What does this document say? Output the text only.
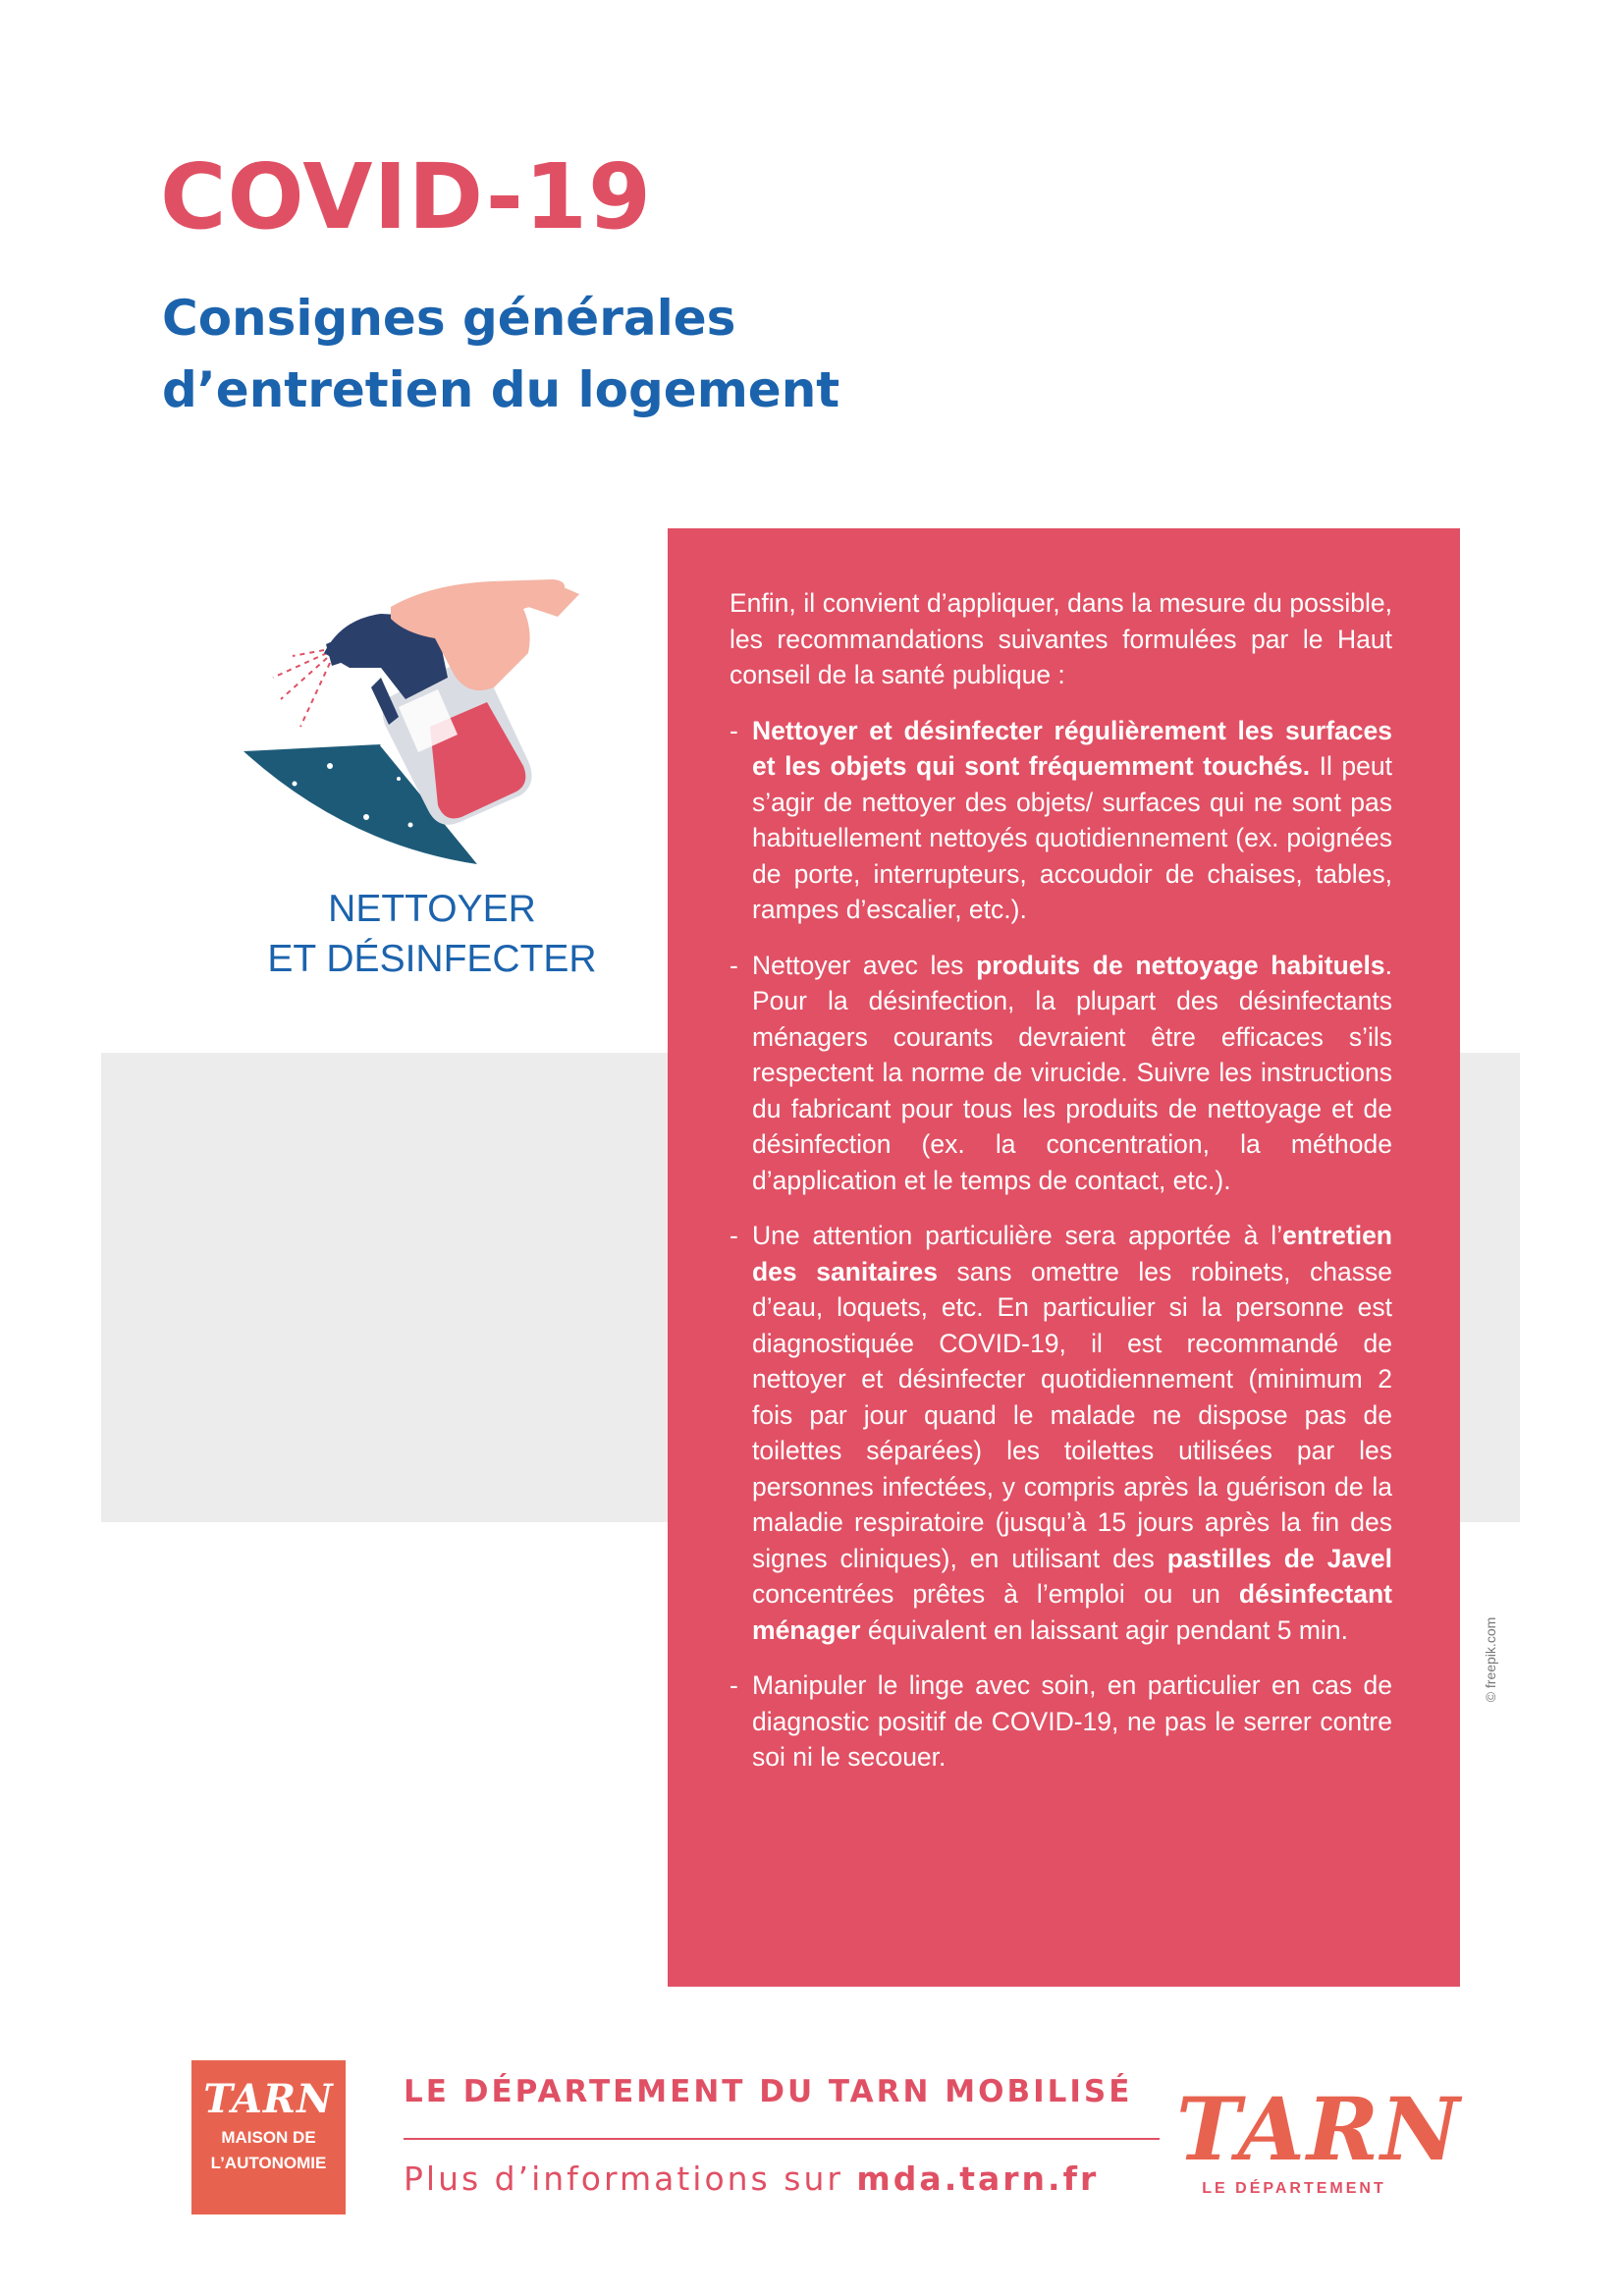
COVID-19
Consignes générales
d’entretien du logement
NETTOYER
ET DÉSINFECTER

Enfin, il convient d’appliquer, dans la mesure du possible, les recommandations suivantes formulées par le Haut conseil de la santé publique :

- Nettoyer et désinfecter régulièrement les surfaces et les objets qui sont fréquemment touchés. Il peut s’agir de nettoyer des objets/ surfaces qui ne sont pas habituellement nettoyés quotidiennement (ex. poignées de porte, interrupteurs, accoudoir de chaises, tables, rampes d’escalier, etc.).
- Nettoyer avec les produits de nettoyage habituels. Pour la désinfection, la plupart des désinfectants ménagers courants devraient être efficaces s’ils respectent la norme de virucide. Suivre les instructions du fabricant pour tous les produits de nettoyage et de désinfection (ex. la concentration, la méthode d’application et le temps de contact, etc.).
- Une attention particulière sera apportée à l’entretien des sanitaires sans omettre les robinets, chasse d’eau, loquets, etc. En particulier si la personne est diagnostiquée COVID-19, il est recommandé de nettoyer et désinfecter quotidiennement (minimum 2 fois par jour quand le malade ne dispose pas de toilettes séparées) les toilettes utilisées par les personnes infectées, y compris après la guérison de la maladie respiratoire (jusqu’à 15 jours après la fin des signes cliniques), en utilisant des pastilles de Javel concentrées prêtes à l’emploi ou un désinfectant ménager équivalent en laissant agir pendant 5 min.
- Manipuler le linge avec soin, en particulier en cas de diagnostic positif de COVID-19, ne pas le serrer contre soi ni le secouer.
© freepik.com
TARN
MAISON DE
L’AUTONOMIE
LE DÉPARTEMENT DU TARN MOBILISÉ
Plus d’informations sur mda.tarn.fr TARN
LE DÉPARTEMENT
